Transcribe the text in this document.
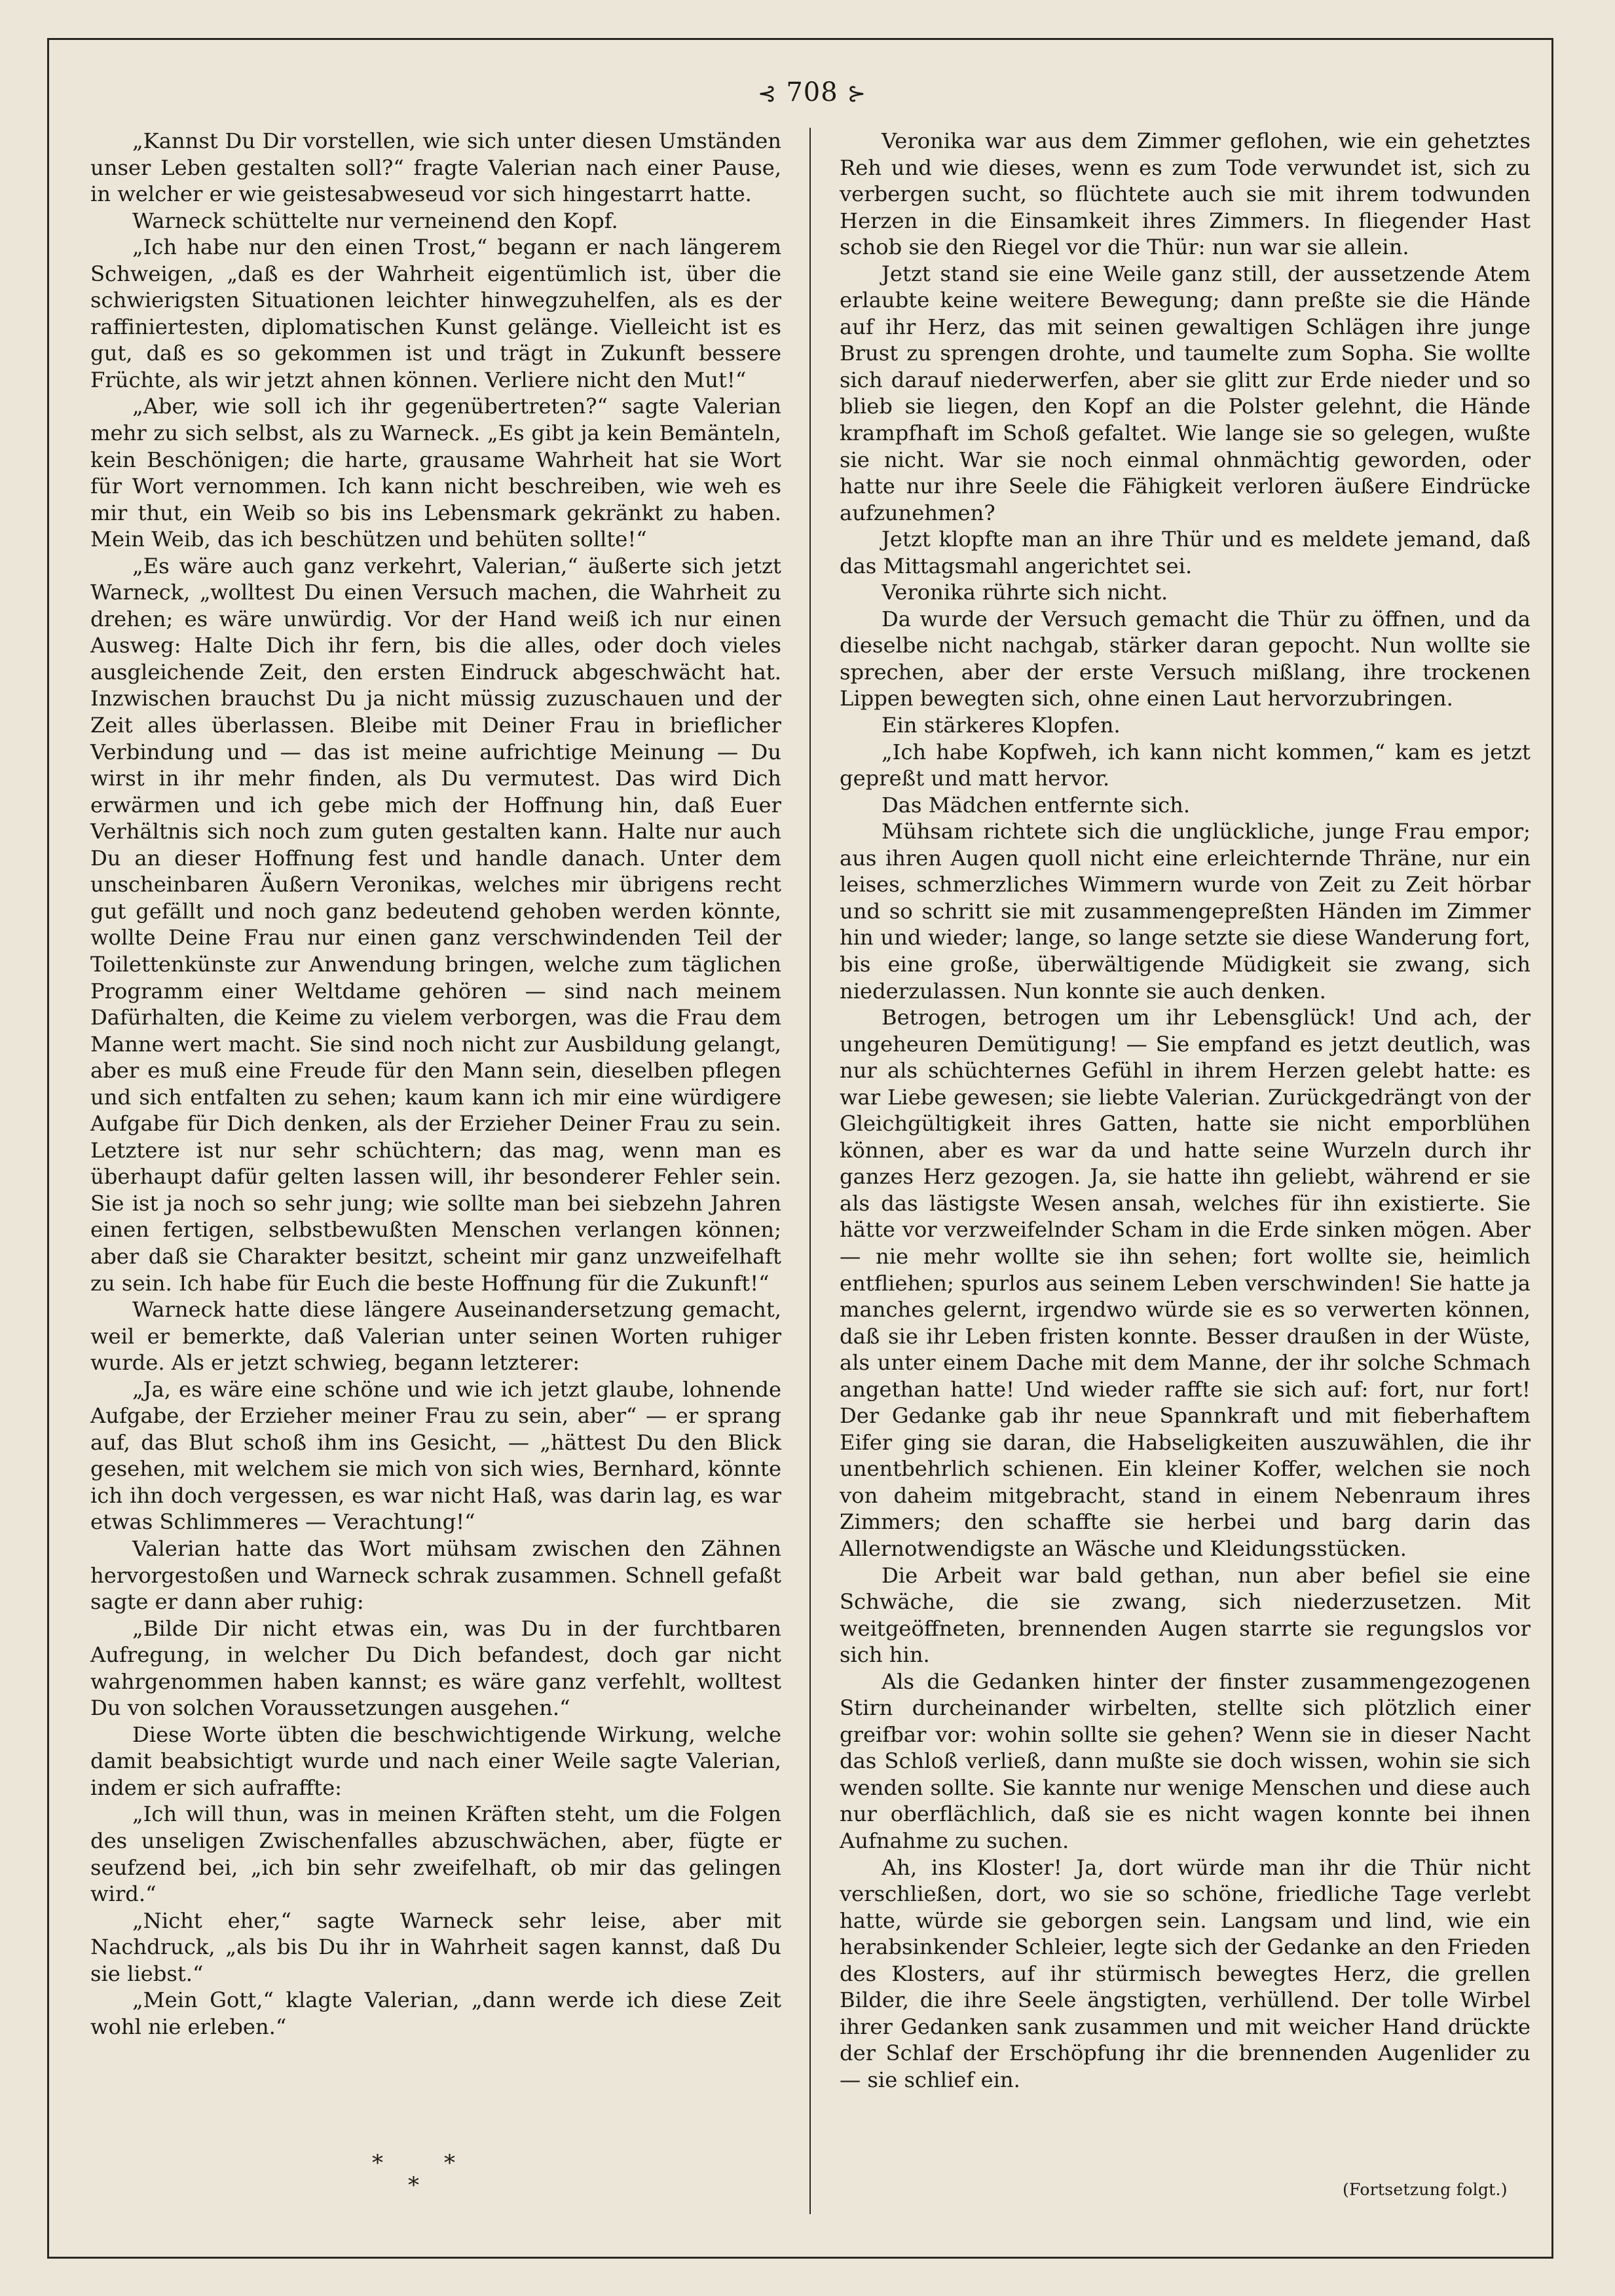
⊰ 708 ⊱

„Kannst Du Dir vorstellen, wie sich unter diesen Umständen unser Leben gestalten soll?“ fragte Valerian nach einer Pause, in welcher er wie geistesabweseud vor sich hingestarrt hatte.

Warneck schüttelte nur verneinend den Kopf.

„Ich habe nur den einen Trost,“ begann er nach längerem Schweigen, „daß es der Wahrheit eigentümlich ist, über die schwierigsten Situationen leichter hinwegzuhelfen, als es der raffiniertesten, diplomatischen Kunst gelänge. Vielleicht ist es gut, daß es so gekommen ist und trägt in Zukunft bessere Früchte, als wir jetzt ahnen können. Verliere nicht den Mut!“

„Aber, wie soll ich ihr gegenübertreten?“ sagte Valerian mehr zu sich selbst, als zu Warneck. „Es gibt ja kein Bemänteln, kein Beschönigen; die harte, grausame Wahrheit hat sie Wort für Wort vernommen. Ich kann nicht beschreiben, wie weh es mir thut, ein Weib so bis ins Lebensmark gekränkt zu haben. Mein Weib, das ich beschützen und behüten sollte!“

„Es wäre auch ganz verkehrt, Valerian,“ äußerte sich jetzt Warneck, „wolltest Du einen Versuch machen, die Wahrheit zu drehen; es wäre unwürdig. Vor der Hand weiß ich nur einen Ausweg: Halte Dich ihr fern, bis die alles, oder doch vieles ausgleichende Zeit, den ersten Eindruck abgeschwächt hat. Inzwischen brauchst Du ja nicht müssig zuzuschauen und der Zeit alles überlassen. Bleibe mit Deiner Frau in brieflicher Verbindung und — das ist meine aufrichtige Meinung — Du wirst in ihr mehr finden, als Du vermutest. Das wird Dich erwärmen und ich gebe mich der Hoffnung hin, daß Euer Verhältnis sich noch zum guten gestalten kann. Halte nur auch Du an dieser Hoffnung fest und handle danach. Unter dem unscheinbaren Äußern Veronikas, welches mir übrigens recht gut gefällt und noch ganz bedeutend gehoben werden könnte, wollte Deine Frau nur einen ganz verschwindenden Teil der Toilettenkünste zur Anwendung bringen, welche zum täglichen Programm einer Weltdame gehören — sind nach meinem Dafürhalten, die Keime zu vielem verborgen, was die Frau dem Manne wert macht. Sie sind noch nicht zur Ausbildung gelangt, aber es muß eine Freude für den Mann sein, dieselben pflegen und sich entfalten zu sehen; kaum kann ich mir eine würdigere Aufgabe für Dich denken, als der Erzieher Deiner Frau zu sein. Letztere ist nur sehr schüchtern; das mag, wenn man es überhaupt dafür gelten lassen will, ihr besonderer Fehler sein. Sie ist ja noch so sehr jung; wie sollte man bei siebzehn Jahren einen fertigen, selbstbewußten Menschen verlangen können; aber daß sie Charakter besitzt, scheint mir ganz unzweifelhaft zu sein. Ich habe für Euch die beste Hoffnung für die Zukunft!“

Warneck hatte diese längere Auseinandersetzung gemacht, weil er bemerkte, daß Valerian unter seinen Worten ruhiger wurde. Als er jetzt schwieg, begann letzterer:

„Ja, es wäre eine schöne und wie ich jetzt glaube, lohnende Aufgabe, der Erzieher meiner Frau zu sein, aber“ — er sprang auf, das Blut schoß ihm ins Gesicht, — „hättest Du den Blick gesehen, mit welchem sie mich von sich wies, Bernhard, könnte ich ihn doch vergessen, es war nicht Haß, was darin lag, es war etwas Schlimmeres — Verachtung!“

Valerian hatte das Wort mühsam zwischen den Zähnen hervorgestoßen und Warneck schrak zusammen. Schnell gefaßt sagte er dann aber ruhig:

„Bilde Dir nicht etwas ein, was Du in der furchtbaren Aufregung, in welcher Du Dich befandest, doch gar nicht wahrgenommen haben kannst; es wäre ganz verfehlt, wolltest Du von solchen Voraussetzungen ausgehen.“

Diese Worte übten die beschwichtigende Wirkung, welche damit beabsichtigt wurde und nach einer Weile sagte Valerian, indem er sich aufraffte:

„Ich will thun, was in meinen Kräften steht, um die Folgen des unseligen Zwischenfalles abzuschwächen, aber, fügte er seufzend bei, „ich bin sehr zweifelhaft, ob mir das gelingen wird.“

„Nicht eher,“ sagte Warneck sehr leise, aber mit Nachdruck, „als bis Du ihr in Wahrheit sagen kannst, daß Du sie liebst.“

„Mein Gott,“ klagte Valerian, „dann werde ich diese Zeit wohl nie erleben.“

*	*
*

Veronika war aus dem Zimmer geflohen, wie ein gehetztes Reh und wie dieses, wenn es zum Tode verwundet ist, sich zu verbergen sucht, so flüchtete auch sie mit ihrem todwunden Herzen in die Einsamkeit ihres Zimmers. In fliegender Hast schob sie den Riegel vor die Thür: nun war sie allein.

Jetzt stand sie eine Weile ganz still, der aussetzende Atem erlaubte keine weitere Bewegung; dann preßte sie die Hände auf ihr Herz, das mit seinen gewaltigen Schlägen ihre junge Brust zu sprengen drohte, und taumelte zum Sopha. Sie wollte sich darauf niederwerfen, aber sie glitt zur Erde nieder und so blieb sie liegen, den Kopf an die Polster gelehnt, die Hände krampfhaft im Schoß gefaltet. Wie lange sie so gelegen, wußte sie nicht. War sie noch einmal ohnmächtig geworden, oder hatte nur ihre Seele die Fähigkeit verloren äußere Eindrücke aufzunehmen?

Jetzt klopfte man an ihre Thür und es meldete jemand, daß das Mittagsmahl angerichtet sei.

Veronika rührte sich nicht.

Da wurde der Versuch gemacht die Thür zu öffnen, und da dieselbe nicht nachgab, stärker daran gepocht. Nun wollte sie sprechen, aber der erste Versuch mißlang, ihre trockenen Lippen bewegten sich, ohne einen Laut hervorzubringen.

Ein stärkeres Klopfen.

„Ich habe Kopfweh, ich kann nicht kommen,“ kam es jetzt gepreßt und matt hervor.

Das Mädchen entfernte sich.

Mühsam richtete sich die unglückliche, junge Frau empor; aus ihren Augen quoll nicht eine erleichternde Thräne, nur ein leises, schmerzliches Wimmern wurde von Zeit zu Zeit hörbar und so schritt sie mit zusammengepreßten Händen im Zimmer hin und wieder; lange, so lange setzte sie diese Wanderung fort, bis eine große, überwältigende Müdigkeit sie zwang, sich niederzulassen. Nun konnte sie auch denken.

Betrogen, betrogen um ihr Lebensglück! Und ach, der ungeheuren Demütigung! — Sie empfand es jetzt deutlich, was nur als schüchternes Gefühl in ihrem Herzen gelebt hatte: es war Liebe gewesen; sie liebte Valerian. Zurückgedrängt von der Gleichgültigkeit ihres Gatten, hatte sie nicht emporblühen können, aber es war da und hatte seine Wurzeln durch ihr ganzes Herz gezogen. Ja, sie hatte ihn geliebt, während er sie als das lästigste Wesen ansah, welches für ihn existierte. Sie hätte vor verzweifelnder Scham in die Erde sinken mögen. Aber — nie mehr wollte sie ihn sehen; fort wollte sie, heimlich entfliehen; spurlos aus seinem Leben verschwinden! Sie hatte ja manches gelernt, irgendwo würde sie es so verwerten können, daß sie ihr Leben fristen konnte. Besser draußen in der Wüste, als unter einem Dache mit dem Manne, der ihr solche Schmach angethan hatte! Und wieder raffte sie sich auf: fort, nur fort! Der Gedanke gab ihr neue Spannkraft und mit fieberhaftem Eifer ging sie daran, die Habseligkeiten auszuwählen, die ihr unentbehrlich schienen. Ein kleiner Koffer, welchen sie noch von daheim mitgebracht, stand in einem Nebenraum ihres Zimmers; den schaffte sie herbei und barg darin das Allernotwendigste an Wäsche und Kleidungsstücken.

Die Arbeit war bald gethan, nun aber befiel sie eine Schwäche, die sie zwang, sich niederzusetzen. Mit weitgeöffneten, brennenden Augen starrte sie regungslos vor sich hin.

Als die Gedanken hinter der finster zusammengezogenen Stirn durcheinander wirbelten, stellte sich plötzlich einer greifbar vor: wohin sollte sie gehen? Wenn sie in dieser Nacht das Schloß verließ, dann mußte sie doch wissen, wohin sie sich wenden sollte. Sie kannte nur wenige Menschen und diese auch nur oberflächlich, daß sie es nicht wagen konnte bei ihnen Aufnahme zu suchen.

Ah, ins Kloster! Ja, dort würde man ihr die Thür nicht verschließen, dort, wo sie so schöne, friedliche Tage verlebt hatte, würde sie geborgen sein. Langsam und lind, wie ein herabsinkender Schleier, legte sich der Gedanke an den Frieden des Klosters, auf ihr stürmisch bewegtes Herz, die grellen Bilder, die ihre Seele ängstigten, verhüllend. Der tolle Wirbel ihrer Gedanken sank zusammen und mit weicher Hand drückte der Schlaf der Erschöpfung ihr die brennenden Augenlider zu — sie schlief ein.

(Fortsetzung folgt.)
